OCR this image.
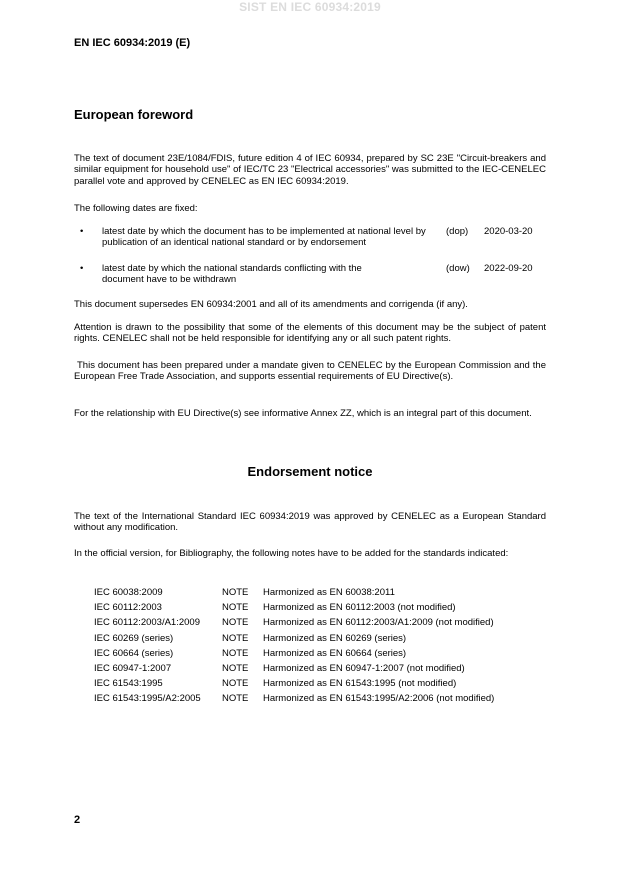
SIST EN IEC 60934:2019
EN IEC 60934:2019 (E)
European foreword
The text of document 23E/1084/FDIS, future edition 4 of IEC 60934, prepared by SC 23E "Circuit-breakers and similar equipment for household use" of IEC/TC 23 "Electrical accessories" was submitted to the IEC-CENELEC parallel vote and approved by CENELEC as EN IEC 60934:2019.
The following dates are fixed:
• latest date by which the document has to be implemented at national level by publication of an identical national standard or by endorsement
(dop) 2020-03-20
• latest date by which the national standards conflicting with the document have to be withdrawn
(dow) 2022-09-20
This document supersedes EN 60934:2001 and all of its amendments and corrigenda (if any).
Attention is drawn to the possibility that some of the elements of this document may be the subject of patent rights. CENELEC shall not be held responsible for identifying any or all such patent rights.
This document has been prepared under a mandate given to CENELEC by the European Commission and the European Free Trade Association, and supports essential requirements of EU Directive(s).
For the relationship with EU Directive(s) see informative Annex ZZ, which is an integral part of this document.
Endorsement notice
The text of the International Standard IEC 60934:2019 was approved by CENELEC as a European Standard without any modification.
In the official version, for Bibliography, the following notes have to be added for the standards indicated:
IEC 60038:2009	NOTE Harmonized as EN 60038:2011
IEC 60112:2003	NOTE Harmonized as EN 60112:2003 (not modified)
IEC 60112:2003/A1:2009 NOTE Harmonized as EN 60112:2003/A1:2009 (not modified)
IEC 60269 (series)	NOTE Harmonized as EN 60269 (series)
IEC 60664 (series)	NOTE Harmonized as EN 60664 (series)
IEC 60947-1:2007	NOTE Harmonized as EN 60947-1:2007 (not modified)
IEC 61543:1995	NOTE Harmonized as EN 61543:1995 (not modified)
IEC 61543:1995/A2:2005 NOTE Harmonized as EN 61543:1995/A2:2006 (not modified)
2
